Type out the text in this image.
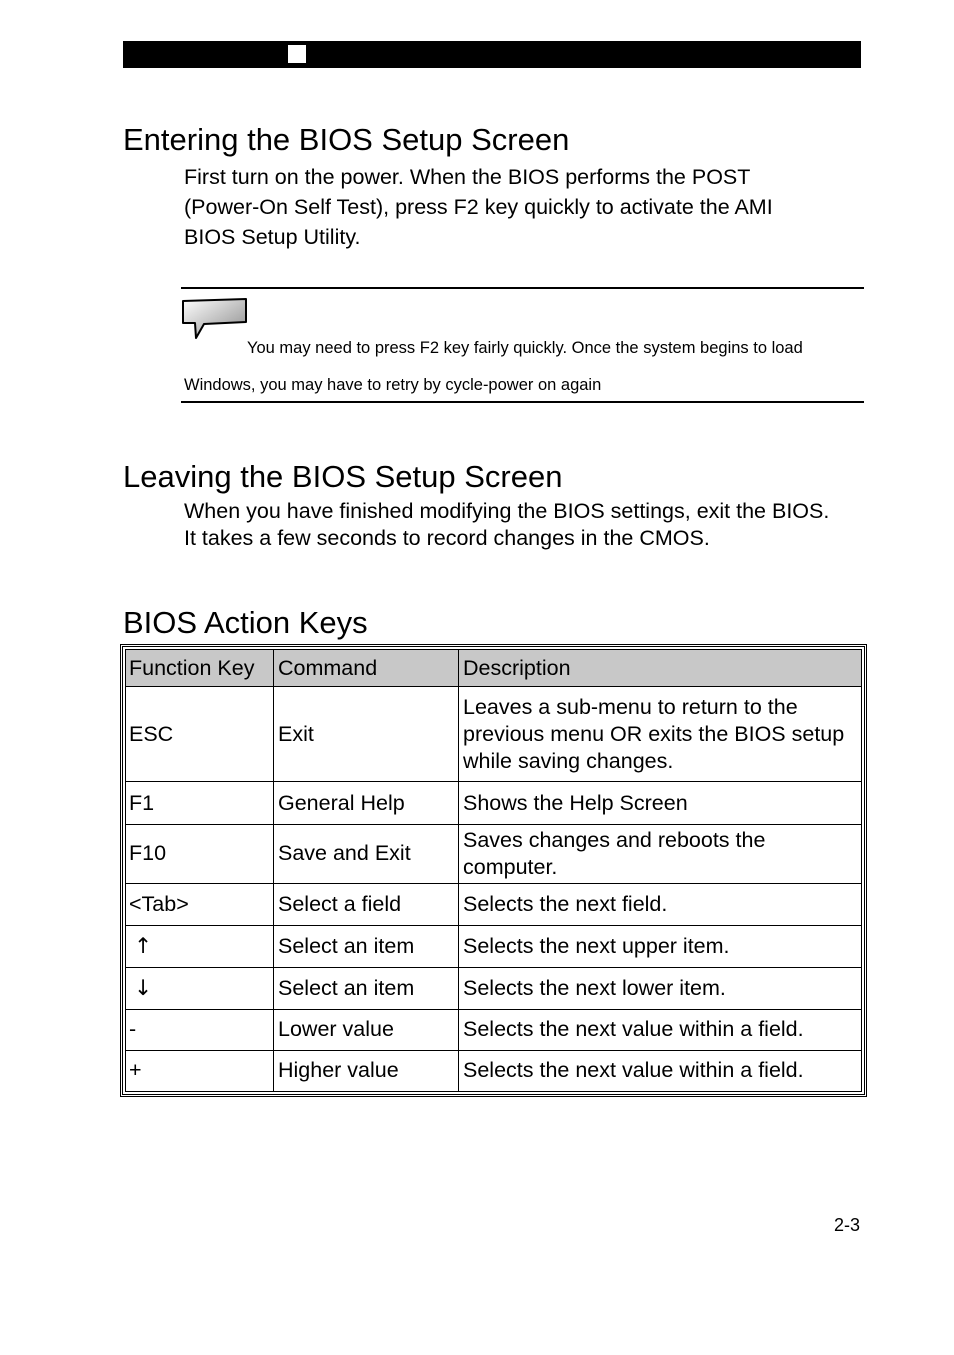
Entering the BIOS Setup Screen

First turn on the power. When the BIOS performs the POST
(Power-On Self Test), press F2 key quickly to activate the AMI
BIOS Setup Utility.

You may need to press F2 key fairly quickly. Once the system begins to load
Windows, you may have to retry by cycle-power on again
Leaving the BIOS Setup Screen

When you have finished modifying the BIOS settings, exit the BIOS.
It takes a few seconds to record changes in the CMOS.

BIOS Action Keys
Function Key	Command	Description
ESC	Exit	Leaves a sub-menu to return to the
previous menu OR exits the BIOS setup
while saving changes.

F1	General Help	Shows the Help Screen
F10	Save and Exit	Saves changes and reboots the
computer.

<Tab>	Select a field	Selects the next field.
↑	Select an item	Selects the next upper item.
↓	Select an item	Selects the next lower item.
-	Lower value	Selects the next value within a field.
+	Higher value	Selects the next value within a field.
2-3
